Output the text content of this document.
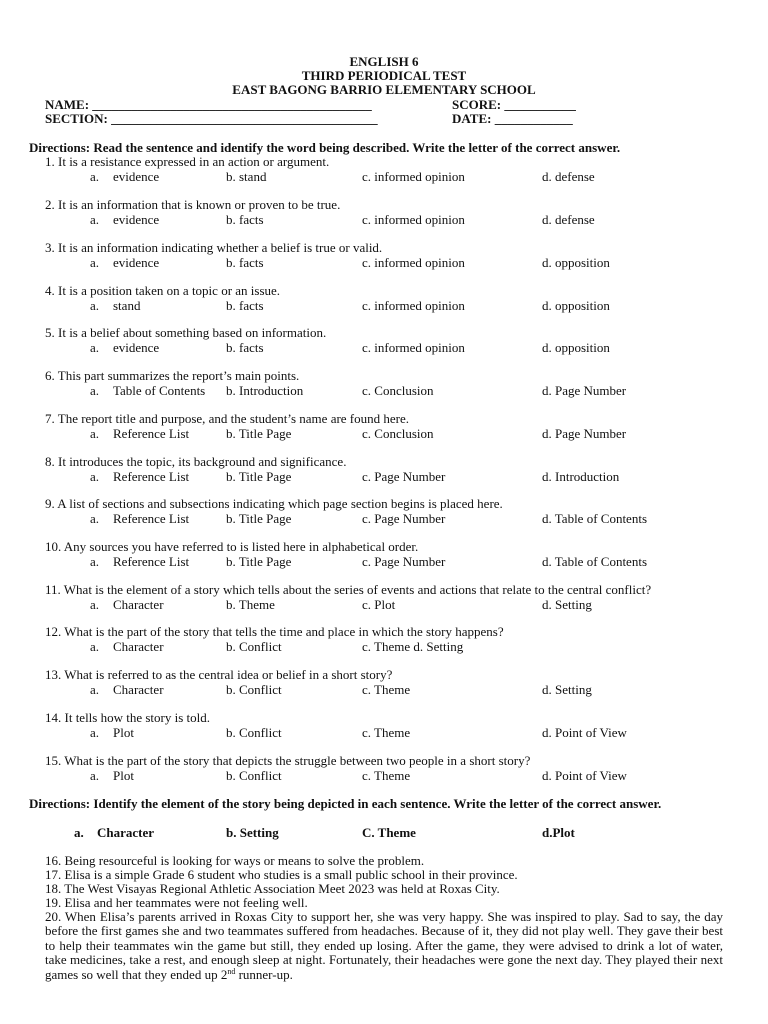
ENGLISH 6
THIRD PERIODICAL TEST
EAST BAGONG BARRIO ELEMENTARY SCHOOL
NAME: ___________________________________________	SCORE: ___________
SECTION: _________________________________________	DATE: ____________
Directions: Read the sentence and identify the word being described. Write the letter of the correct answer.
1. It is a resistance expressed in an action or argument.
a. evidence	b. stand	c. informed opinion	d. defense
2. It is an information that is known or proven to be true.
a. evidence	b. facts	c. informed opinion	d. defense
3. It is an information indicating whether a belief is true or valid.
a. evidence	b. facts	c. informed opinion	d. opposition
4. It is a position taken on a topic or an issue.
a. stand	b. facts	c. informed opinion	d. opposition
5. It is a belief about something based on information.
a. evidence	b. facts	c. informed opinion	d. opposition
6. This part summarizes the report’s main points.
a. Table of Contents b. Introduction	c. Conclusion	d. Page Number
7. The report title and purpose, and the student’s name are found here.
a. Reference List	b. Title Page	c. Conclusion	d. Page Number
8. It introduces the topic, its background and significance.
a. Reference List	b. Title Page	c. Page Number	d. Introduction
9. A list of sections and subsections indicating which page section begins is placed here.
a. Reference List	b. Title Page	c. Page Number	d. Table of Contents
10. Any sources you have referred to is listed here in alphabetical order.
a. Reference List	b. Title Page	c. Page Number	d. Table of Contents
11. What is the element of a story which tells about the series of events and actions that relate to the central conflict?
a. Character	b. Theme	c. Plot	d. Setting
12. What is the part of the story that tells the time and place in which the story happens?
a. Character	b. Conflict	c. Theme d. Setting
13. What is referred to as the central idea or belief in a short story?
a. Character	b. Conflict	c. Theme	d. Setting
14. It tells how the story is told.
a. Plot	b. Conflict	c. Theme	d. Point of View
15. What is the part of the story that depicts the struggle between two people in a short story?
a. Plot	b. Conflict	c. Theme	d. Point of View
Directions: Identify the element of the story being depicted in each sentence. Write the letter of the correct answer.
a. Character	b. Setting	C. Theme	d.Plot
16. Being resourceful is looking for ways or means to solve the problem.
17. Elisa is a simple Grade 6 student who studies is a small public school in their province.
18. The West Visayas Regional Athletic Association Meet 2023 was held at Roxas City.
19. Elisa and her teammates were not feeling well.
20. When Elisa’s parents arrived in Roxas City to support her, she was very happy. She was inspired to play. Sad to say, the day before the first games she and two teammates suffered from headaches. Because of it, they did not play well. They gave their best to help their teammates win the game but still, they ended up losing. After the game, they were advised to drink a lot of water, take medicines, take a rest, and enough sleep at night. Fortunately, their headaches were gone the next day. They played their next games so well that they ended up 2nd runner-up.
